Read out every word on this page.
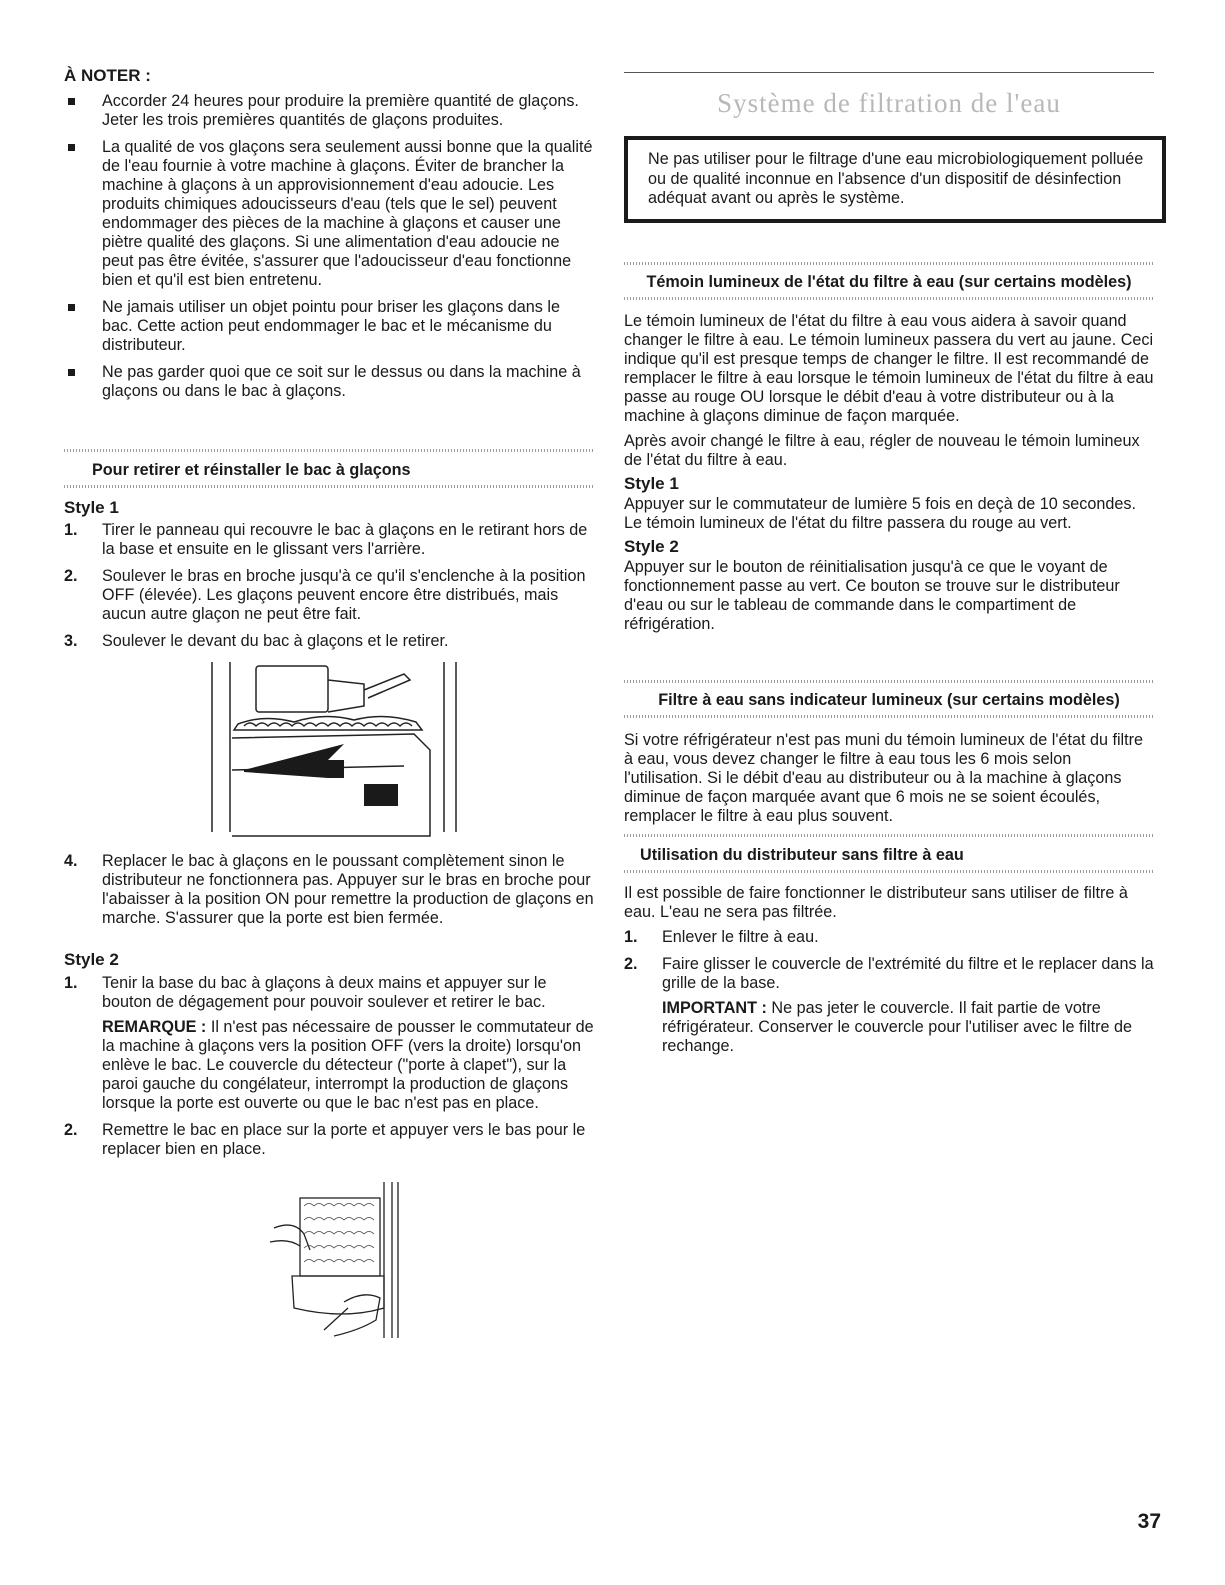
À NOTER :
Accorder 24 heures pour produire la première quantité de glaçons. Jeter les trois premières quantités de glaçons produites.
La qualité de vos glaçons sera seulement aussi bonne que la qualité de l'eau fournie à votre machine à glaçons. Éviter de brancher la machine à glaçons à un approvisionnement d'eau adoucie. Les produits chimiques adoucisseurs d'eau (tels que le sel) peuvent endommager des pièces de la machine à glaçons et causer une piètre qualité des glaçons. Si une alimentation d'eau adoucie ne peut pas être évitée, s'assurer que l'adoucisseur d'eau fonctionne bien et qu'il est bien entretenu.
Ne jamais utiliser un objet pointu pour briser les glaçons dans le bac. Cette action peut endommager le bac et le mécanisme du distributeur.
Ne pas garder quoi que ce soit sur le dessus ou dans la machine à glaçons ou dans le bac à glaçons.
Pour retirer et réinstaller le bac à glaçons
Style 1
1. Tirer le panneau qui recouvre le bac à glaçons en le retirant hors de la base et ensuite en le glissant vers l'arrière.
2. Soulever le bras en broche jusqu'à ce qu'il s'enclenche à la position OFF (élevée). Les glaçons peuvent encore être distribués, mais aucun autre glaçon ne peut être fait.
3. Soulever le devant du bac à glaçons et le retirer.
4. Replacer le bac à glaçons en le poussant complètement sinon le distributeur ne fonctionnera pas. Appuyer sur le bras en broche pour l'abaisser à la position ON pour remettre la production de glaçons en marche. S'assurer que la porte est bien fermée.
Style 2
1. Tenir la base du bac à glaçons à deux mains et appuyer sur le bouton de dégagement pour pouvoir soulever et retirer le bac.

REMARQUE : Il n'est pas nécessaire de pousser le commutateur de la machine à glaçons vers la position OFF (vers la droite) lorsqu'on enlève le bac. Le couvercle du détecteur ("porte à clapet"), sur la paroi gauche du congélateur, interrompt la production de glaçons lorsque la porte est ouverte ou que le bac n'est pas en place.

2. Remettre le bac en place sur la porte et appuyer vers le bas pour le replacer bien en place.
Système de filtration de l'eau
Ne pas utiliser pour le filtrage d'une eau microbiologiquement polluée ou de qualité inconnue en l'absence d'un dispositif de désinfection adéquat avant ou après le système.
Témoin lumineux de l'état du filtre à eau (sur certains modèles)

Le témoin lumineux de l'état du filtre à eau vous aidera à savoir quand changer le filtre à eau. Le témoin lumineux passera du vert au jaune. Ceci indique qu'il est presque temps de changer le filtre. Il est recommandé de remplacer le filtre à eau lorsque le témoin lumineux de l'état du filtre à eau passe au rouge OU lorsque le débit d'eau à votre distributeur ou à la machine à glaçons diminue de façon marquée.

Après avoir changé le filtre à eau, régler de nouveau le témoin lumineux de l'état du filtre à eau.

Style 1

Appuyer sur le commutateur de lumière 5 fois en deçà de 10 secondes. Le témoin lumineux de l'état du filtre passera du rouge au vert.

Style 2

Appuyer sur le bouton de réinitialisation jusqu'à ce que le voyant de fonctionnement passe au vert. Ce bouton se trouve sur le distributeur d'eau ou sur le tableau de commande dans le compartiment de réfrigération.

Filtre à eau sans indicateur lumineux (sur certains modèles)

Si votre réfrigérateur n'est pas muni du témoin lumineux de l'état du filtre à eau, vous devez changer le filtre à eau tous les 6 mois selon l'utilisation. Si le débit d'eau au distributeur ou à la machine à glaçons diminue de façon marquée avant que 6 mois ne se soient écoulés, remplacer le filtre à eau plus souvent.

Utilisation du distributeur sans filtre à eau

Il est possible de faire fonctionner le distributeur sans utiliser de filtre à eau. L'eau ne sera pas filtrée.

1. Enlever le filtre à eau.
2. Faire glisser le couvercle de l'extrémité du filtre et le replacer dans la grille de la base.

IMPORTANT : Ne pas jeter le couvercle. Il fait partie de votre réfrigérateur. Conserver le couvercle pour l'utiliser avec le filtre de rechange.

37
